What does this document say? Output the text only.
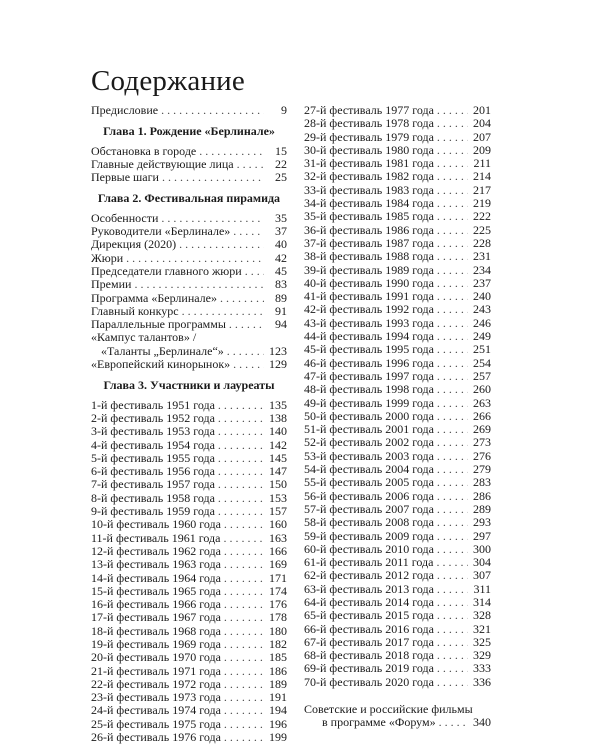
Содержание
Предисловие . . .	9
Глава 1. Рождение «Берлинале»
Обстановка в городе . . .	15
Главные действующие лица . . .	22
Первые шаги . . .	25
Глава 2. Фестивальная пирамида
Особенности . . .	35
Руководители «Берлинале» . . .	37
Дирекция (2020) . . .	40
Жюри . . .	42
Председатели главного жюри . . .	45
Премии . . .	83
Программа «Берлинале» . . .	89
Главный конкурс . . .	91
Параллельные программы . . .	94
«Кампус талантов» /
«Таланты „Берлинале“» . . .	123
«Европейский кинорынок» . . .	129
Глава 3. Участники и лауреаты
1-й фестиваль 1951 года . . .	135
2-й фестиваль 1952 года . . .	138
3-й фестиваль 1953 года . . .	140
4-й фестиваль 1954 года . . .	142
5-й фестиваль 1955 года . . .	145
6-й фестиваль 1956 года . . .	147
7-й фестиваль 1957 года . . .	150
8-й фестиваль 1958 года . . .	153
9-й фестиваль 1959 года . . .	157
10-й фестиваль 1960 года . . .	160
11-й фестиваль 1961 года . . .	163
12-й фестиваль 1962 года . . .	166
13-й фестиваль 1963 года . . .	169
14-й фестиваль 1964 года . . .	171
15-й фестиваль 1965 года . . .	174
16-й фестиваль 1966 года . . .	176
17-й фестиваль 1967 года . . .	178
18-й фестиваль 1968 года . . .	180
19-й фестиваль 1969 года . . .	182
20-й фестиваль 1970 года . . .	185
21-й фестиваль 1971 года . . .	186
22-й фестиваль 1972 года . . .	189
23-й фестиваль 1973 года . . .	191
24-й фестиваль 1974 года . . .	194
25-й фестиваль 1975 года . . .	196
26-й фестиваль 1976 года . . .	199
27-й фестиваль 1977 года . . .	201
28-й фестиваль 1978 года . . .	204
29-й фестиваль 1979 года . . .	207
30-й фестиваль 1980 года . . .	209
31-й фестиваль 1981 года . . .	211
32-й фестиваль 1982 года . . .	214
33-й фестиваль 1983 года . . .	217
34-й фестиваль 1984 года . . .	219
35-й фестиваль 1985 года . . .	222
36-й фестиваль 1986 года . . .	225
37-й фестиваль 1987 года . . .	228
38-й фестиваль 1988 года . . .	231
39-й фестиваль 1989 года . . .	234
40-й фестиваль 1990 года . . .	237
41-й фестиваль 1991 года . . .	240
42-й фестиваль 1992 года . . .	243
43-й фестиваль 1993 года . . .	246
44-й фестиваль 1994 года . . .	249
45-й фестиваль 1995 года . . .	251
46-й фестиваль 1996 года . . .	254
47-й фестиваль 1997 года . . .	257
48-й фестиваль 1998 года . . .	260
49-й фестиваль 1999 года . . .	263
50-й фестиваль 2000 года . . .	266
51-й фестиваль 2001 года . . .	269
52-й фестиваль 2002 года . . .	273
53-й фестиваль 2003 года . . .	276
54-й фестиваль 2004 года . . .	279
55-й фестиваль 2005 года . . .	283
56-й фестиваль 2006 года . . .	286
57-й фестиваль 2007 года . . .	289
58-й фестиваль 2008 года . . .	293
59-й фестиваль 2009 года . . .	297
60-й фестиваль 2010 года . . .	300
61-й фестиваль 2011 года . . .	304
62-й фестиваль 2012 года . . .	307
63-й фестиваль 2013 года . . .	311
64-й фестиваль 2014 года . . .	314
65-й фестиваль 2015 года . . .	328
66-й фестиваль 2016 года . . .	321
67-й фестиваль 2017 года . . .	325
68-й фестиваль 2018 года . . .	329
69-й фестиваль 2019 года . . .	333
70-й фестиваль 2020 года . . .	336
Советские и российские фильмы
в программе «Форум» . . .	340
